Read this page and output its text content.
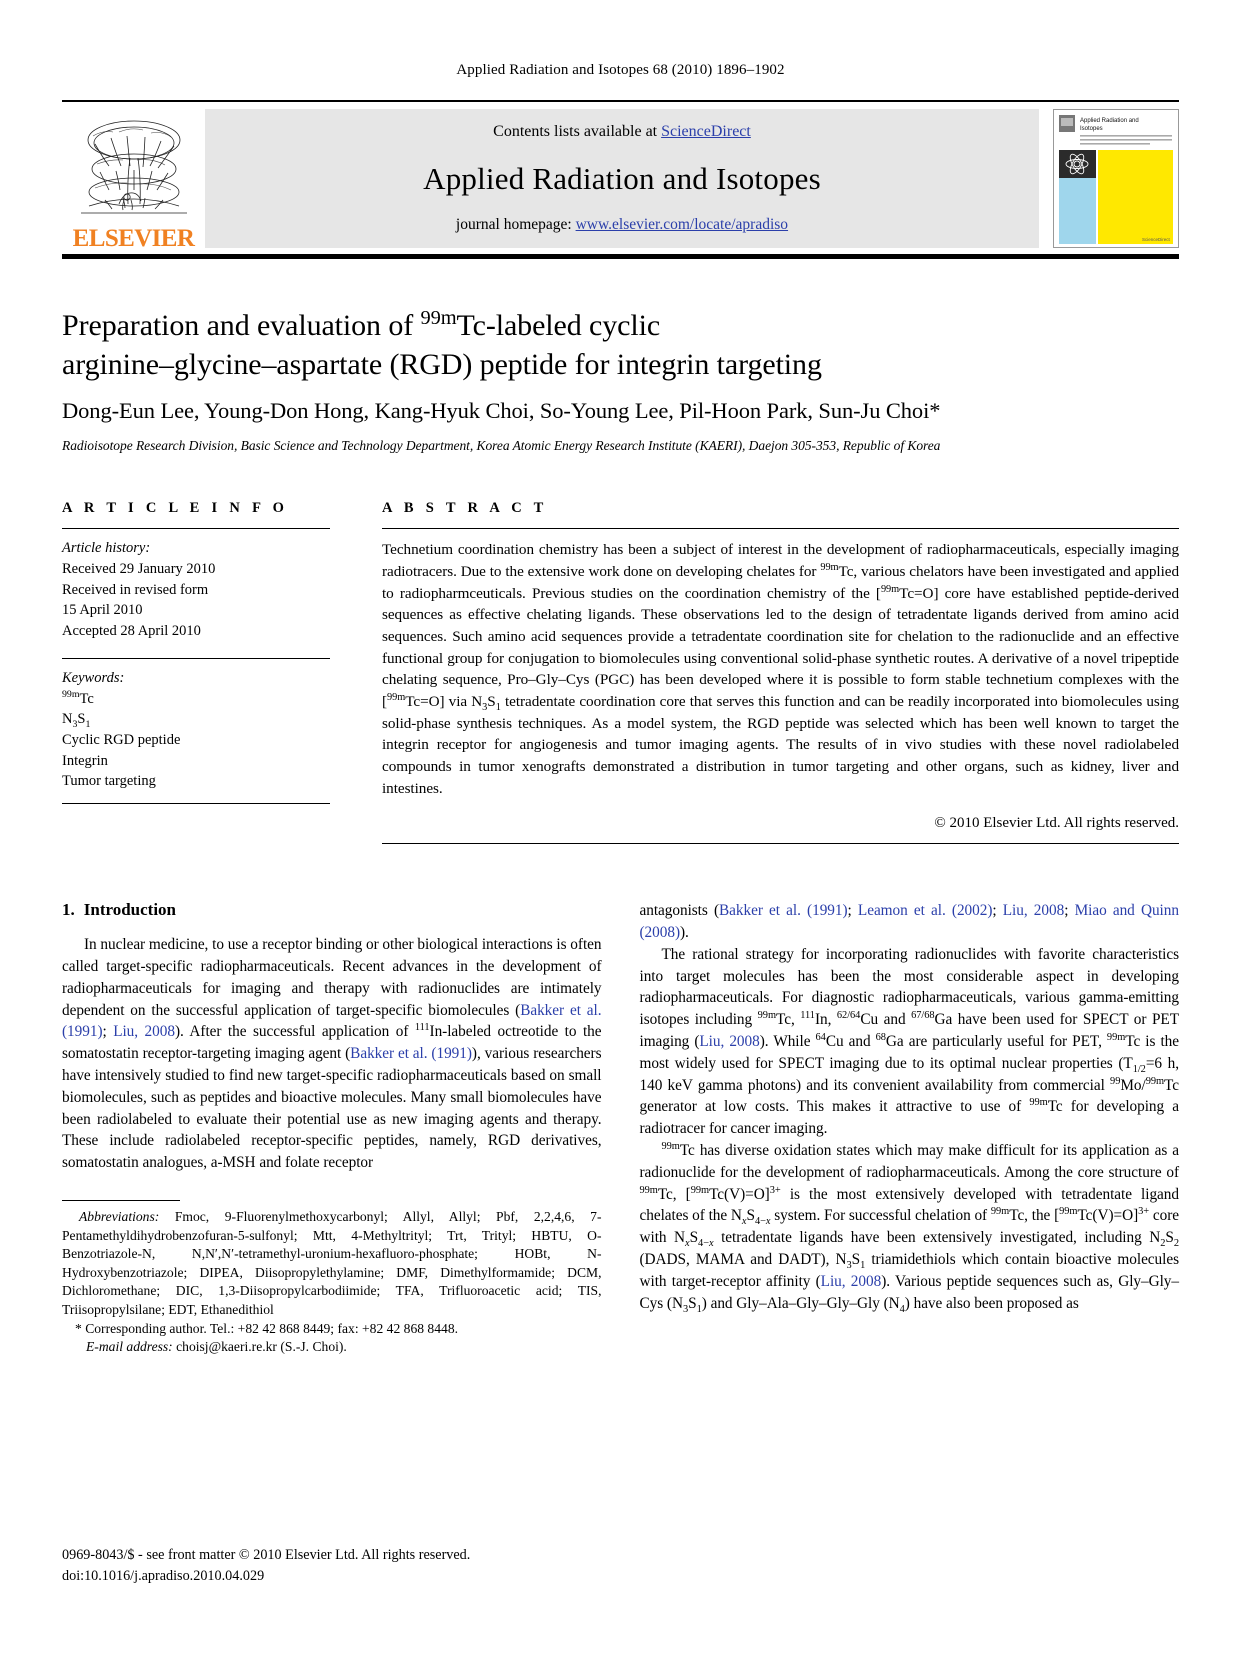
Applied Radiation and Isotopes 68 (2010) 1896–1902
ELSEVIER
Contents lists available at ScienceDirect
Applied Radiation and Isotopes
journal homepage: www.elsevier.com/locate/apradiso
Applied Radiation and
Isotopes
ScienceDirect
Preparation and evaluation of $^{99m}$Tc-labeled cyclic
arginine–glycine–aspartate (RGD) peptide for integrin targeting
Dong-Eun Lee, Young-Don Hong, Kang-Hyuk Choi, So-Young Lee, Pil-Hoon Park, Sun-Ju Choi*
Radioisotope Research Division, Basic Science and Technology Department, Korea Atomic Energy Research Institute (KAERI), Daejon 305-353, Republic of Korea
A R T I C L E I N F O
Article history:
Received 29 January 2010
Received in revised form
15 April 2010
Accepted 28 April 2010
Keywords:
$^{99m}$Tc
$N_3S_1$
Cyclic RGD peptide
Integrin
Tumor targeting
A B S T R A C T
Technetium coordination chemistry has been a subject of interest in the development of radiopharmaceuticals, especially imaging radiotracers. Due to the extensive work done on developing chelates for $^{99m}$Tc, various chelators have been investigated and applied to radiopharmceuticals. Previous studies on the coordination chemistry of the [$^{99m}$Tc=O] core have established peptide-derived sequences as effective chelating ligands. These observations led to the design of tetradentate ligands derived from amino acid sequences. Such amino acid sequences provide a tetradentate coordination site for chelation to the radionuclide and an effective functional group for conjugation to biomolecules using conventional solid-phase synthetic routes. A derivative of a novel tripeptide chelating sequence, Pro–Gly–Cys (PGC) has been developed where it is possible to form stable technetium complexes with the [$^{99m}$Tc=O] via $N_3S_1$ tetradentate coordination core that serves this function and can be readily incorporated into biomolecules using solid-phase synthesis techniques. As a model system, the RGD peptide was selected which has been well known to target the integrin receptor for angiogenesis and tumor imaging agents. The results of in vivo studies with these novel radiolabeled compounds in tumor xenografts demonstrated a distribution in tumor targeting and other organs, such as kidney, liver and intestines.
© 2010 Elsevier Ltd. All rights reserved.
1. Introduction

In nuclear medicine, to use a receptor binding or other biological interactions is often called target-specific radiopharmaceuticals. Recent advances in the development of radiopharmaceuticals for imaging and therapy with radionuclides are intimately dependent on the successful application of target-specific biomolecules (Bakker et al. (1991); Liu, 2008). After the successful application of $^{111}$In-labeled octreotide to the somatostatin receptor-targeting imaging agent (Bakker et al. (1991)), various researchers have intensively studied to find new target-specific radiopharmaceuticals based on small biomolecules, such as peptides and bioactive molecules. Many small biomolecules have been radiolabeled to evaluate their potential use as new imaging agents and therapy. These include radiolabeled receptor-specific peptides, namely, RGD derivatives, somatostatin analogues, a-MSH and folate receptor

Abbreviations: Fmoc, 9-Fluorenylmethoxycarbonyl; Allyl, Allyl; Pbf, 2,2,4,6, 7-Pentamethyldihydrobenzofuran-5-sulfonyl; Mtt, 4-Methyltrityl; Trt, Trityl; HBTU, O-Benzotriazole-N, N,N′,N′-tetramethyl-uronium-hexafluoro-phosphate; HOBt, N-Hydroxybenzotriazole; DIPEA, Diisopropylethylamine; DMF, Dimethylformamide; DCM, Dichloromethane; DIC, 1,3-Diisopropylcarbodiimide; TFA, Trifluoroacetic acid; TIS, Triisopropylsilane; EDT, Ethanedithiol

* Corresponding author. Tel.: +82 42 868 8449; fax: +82 42 868 8448.

E-mail address: choisj@kaeri.re.kr (S.-J. Choi).

antagonists (Bakker et al. (1991); Leamon et al. (2002); Liu, 2008; Miao and Quinn (2008)).

The rational strategy for incorporating radionuclides with favorite characteristics into target molecules has been the most considerable aspect in developing radiopharmaceuticals. For diagnostic radiopharmaceuticals, various gamma-emitting isotopes including $^{99m}$Tc, $^{111}$In, $^{62/64}$Cu and $^{67/68}$Ga have been used for SPECT or PET imaging (Liu, 2008). While $^{64}$Cu and $^{68}$Ga are particularly useful for PET, $^{99m}$Tc is the most widely used for SPECT imaging due to its optimal nuclear properties ($T_{1/2}=6$ h, 140 keV gamma photons) and its convenient availability from commercial $^{99}$Mo/$^{99m}$Tc generator at low costs. This makes it attractive to use of $^{99m}$Tc for developing a radiotracer for cancer imaging.

$^{99m}$Tc has diverse oxidation states which may make difficult for its application as a radionuclide for the development of radiopharmaceuticals. Among the core structure of $^{99m}$Tc, [$^{99m}$Tc(V)=O]$^{3+}$ is the most extensively developed with tetradentate ligand chelates of the $N_xS_{4-x}$ system. For successful chelation of $^{99m}$Tc, the [$^{99m}$Tc(V)=O]$^{3+}$ core with $N_xS_{4-x}$ tetradentate ligands have been extensively investigated, including $N_2S_2$ (DADS, MAMA and DADT), $N_3S_1$ triamidethiols which contain bioactive molecules with target-receptor affinity (Liu, 2008). Various peptide sequences such as, Gly–Gly–Cys $(N_3S_1)$ and Gly–Ala–Gly–Gly–Gly $(N_4)$ have also been proposed as

0969-8043/$ - see front matter © 2010 Elsevier Ltd. All rights reserved.
doi:10.1016/j.apradiso.2010.04.029
